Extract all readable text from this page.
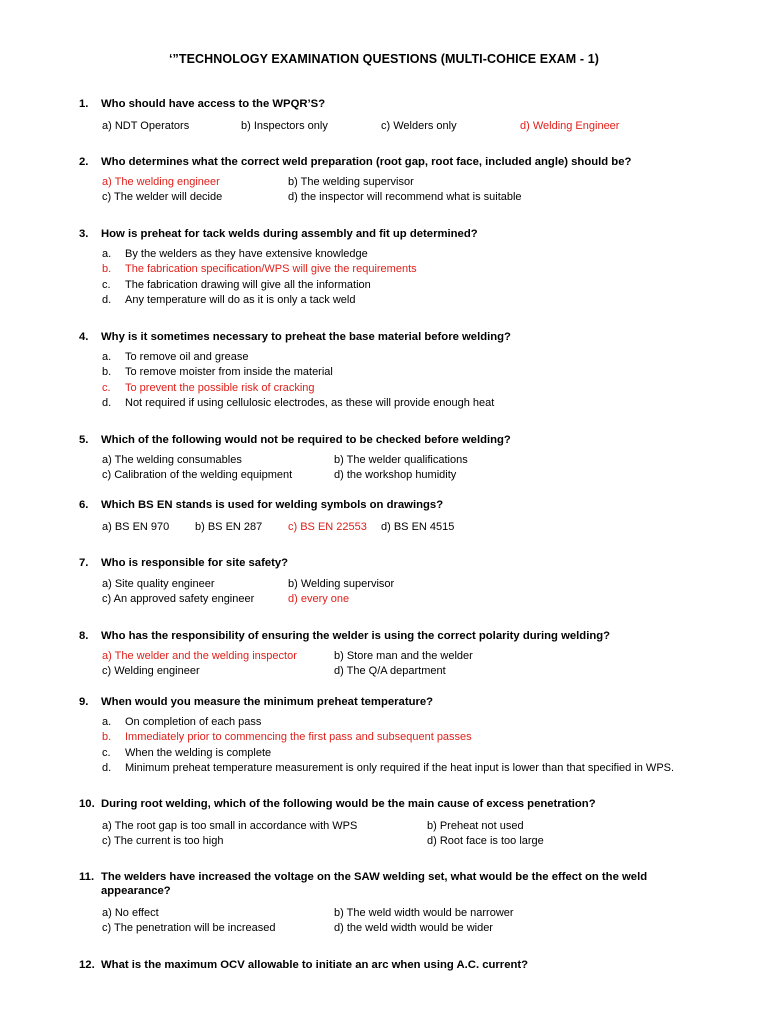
‘”TECHNOLOGY EXAMINATION QUESTIONS (MULTI-COHICE EXAM - 1)
1. Who should have access to the WPQR’S?
a) NDT Operators	b) Inspectors only	c) Welders only	d) Welding Engineer
2. Who determines what the correct weld preparation (root gap, root face, included angle) should be?
a) The welding engineer	b) The welding supervisor
c) The welder will decide	d) the inspector will recommend what is suitable
3. How is preheat for tack welds during assembly and fit up determined?
a. By the welders as they have extensive knowledge
b. The fabrication specification/WPS will give the requirements
c. The fabrication drawing will give all the information
d. Any temperature will do as it is only a tack weld
4. Why is it sometimes necessary to preheat the base material before welding?
a. To remove oil and grease
b. To remove moister from inside the material
c. To prevent the possible risk of cracking
d. Not required if using cellulosic electrodes, as these will provide enough heat
5. Which of the following would not be required to be checked before welding?
a) The welding consumables	b) The welder qualifications
c) Calibration of the welding equipment	d) the workshop humidity
6. Which BS EN stands is used for welding symbols on drawings?
a) BS EN 970 b) BS EN 287 c) BS EN 22553 d) BS EN 4515
7. Who is responsible for site safety?
a) Site quality engineer	b) Welding supervisor
c) An approved safety engineer	d) every one
8. Who has the responsibility of ensuring the welder is using the correct polarity during welding?
a) The welder and the welding inspector	b) Store man and the welder
c) Welding engineer	d) The Q/A department
9. When would you measure the minimum preheat temperature?
a. On completion of each pass
b. Immediately prior to commencing the first pass and subsequent passes
c. When the welding is complete
d. Minimum preheat temperature measurement is only required if the heat input is lower than that specified in WPS.
10. During root welding, which of the following would be the main cause of excess penetration?
a) The root gap is too small in accordance with WPS	b) Preheat not used
c) The current is too high	d) Root face is too large
11. The welders have increased the voltage on the SAW welding set, what would be the effect on the weld appearance?
a) No effect	b) The weld width would be narrower
c) The penetration will be increased	d) the weld width would be wider
12. What is the maximum OCV allowable to initiate an arc when using A.C. current?
